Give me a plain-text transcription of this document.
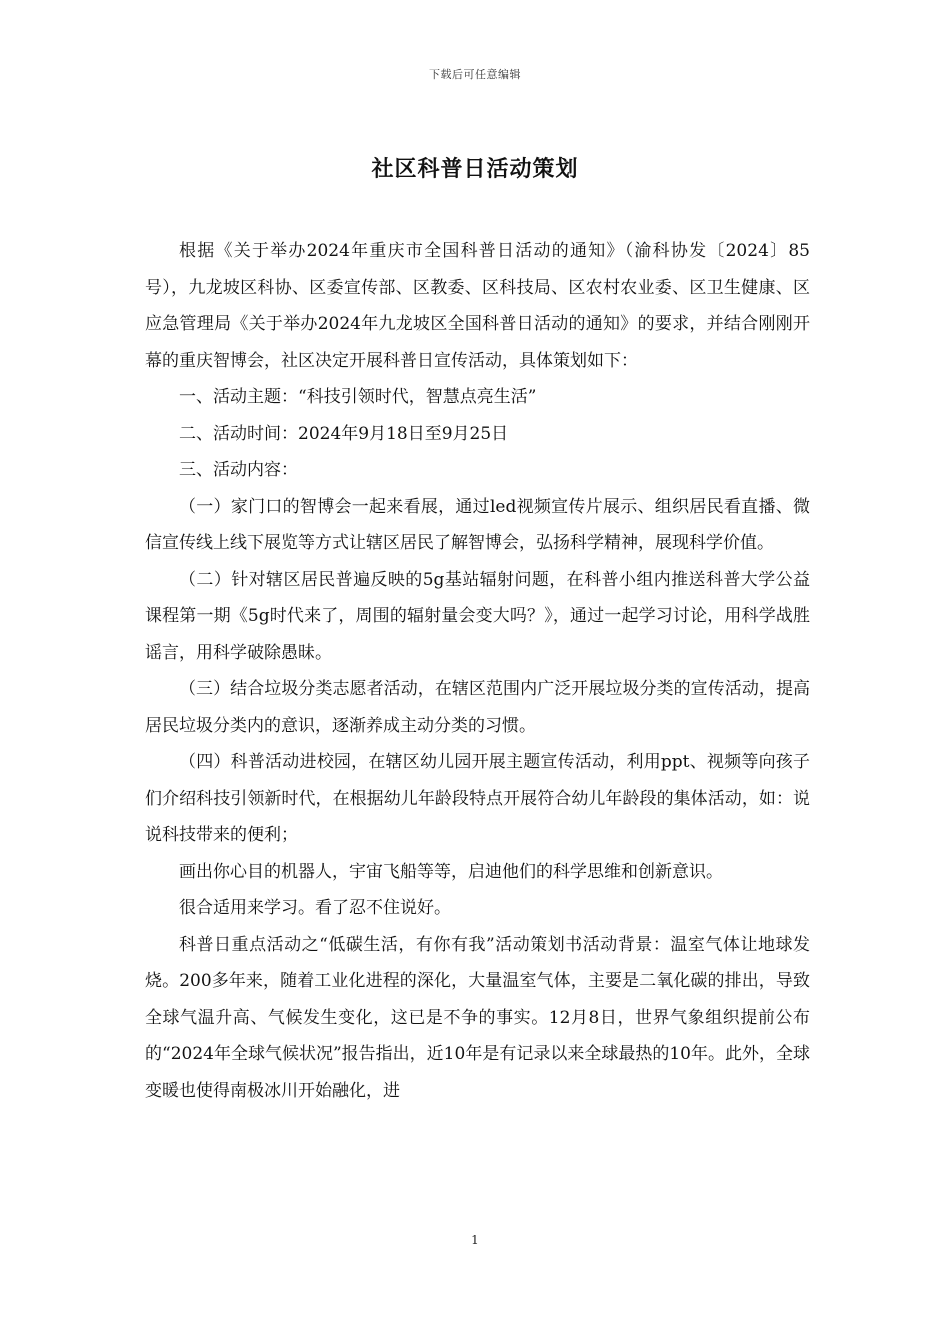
下载后可任意编辑
社区科普日活动策划

根据《关于举办2024年重庆市全国科普日活动的通知》（渝科协发〔2024〕85号），九龙坡区科协、区委宣传部、区教委、区科技局、区农村农业委、区卫生健康、区应急管理局《关于举办2024年九龙坡区全国科普日活动的通知》的要求，并结合刚刚开幕的重庆智博会，社区决定开展科普日宣传活动，具体策划如下：

一、活动主题：“科技引领时代，智慧点亮生活”

二、活动时间：2024年9月18日至9月25日

三、活动内容：

（一）家门口的智博会一起来看展，通过led视频宣传片展示、组织居民看直播、微信宣传线上线下展览等方式让辖区居民了解智博会，弘扬科学精神，展现科学价值。

（二）针对辖区居民普遍反映的5g基站辐射问题，在科普小组内推送科普大学公益课程第一期《5g时代来了，周围的辐射量会变大吗？》，通过一起学习讨论，用科学战胜谣言，用科学破除愚昧。

（三）结合垃圾分类志愿者活动，在辖区范围内广泛开展垃圾分类的宣传活动，提高居民垃圾分类内的意识，逐渐养成主动分类的习惯。

（四）科普活动进校园，在辖区幼儿园开展主题宣传活动，利用ppt、视频等向孩子们介绍科技引领新时代，在根据幼儿年龄段特点开展符合幼儿年龄段的集体活动，如：说说科技带来的便利；

画出你心目的机器人，宇宙飞船等等，启迪他们的科学思维和创新意识。

很合适用来学习。看了忍不住说好。

科普日重点活动之“低碳生活，有你有我”活动策划书活动背景：温室气体让地球发烧。200多年来，随着工业化进程的深化，大量温室气体，主要是二氧化碳的排出，导致全球气温升高、气候发生变化，这已是不争的事实。12月8日，世界气象组织提前公布的“2024年全球气候状况”报告指出，近10年是有记录以来全球最热的10年。此外，全球变暖也使得南极冰川开始融化，进

1
